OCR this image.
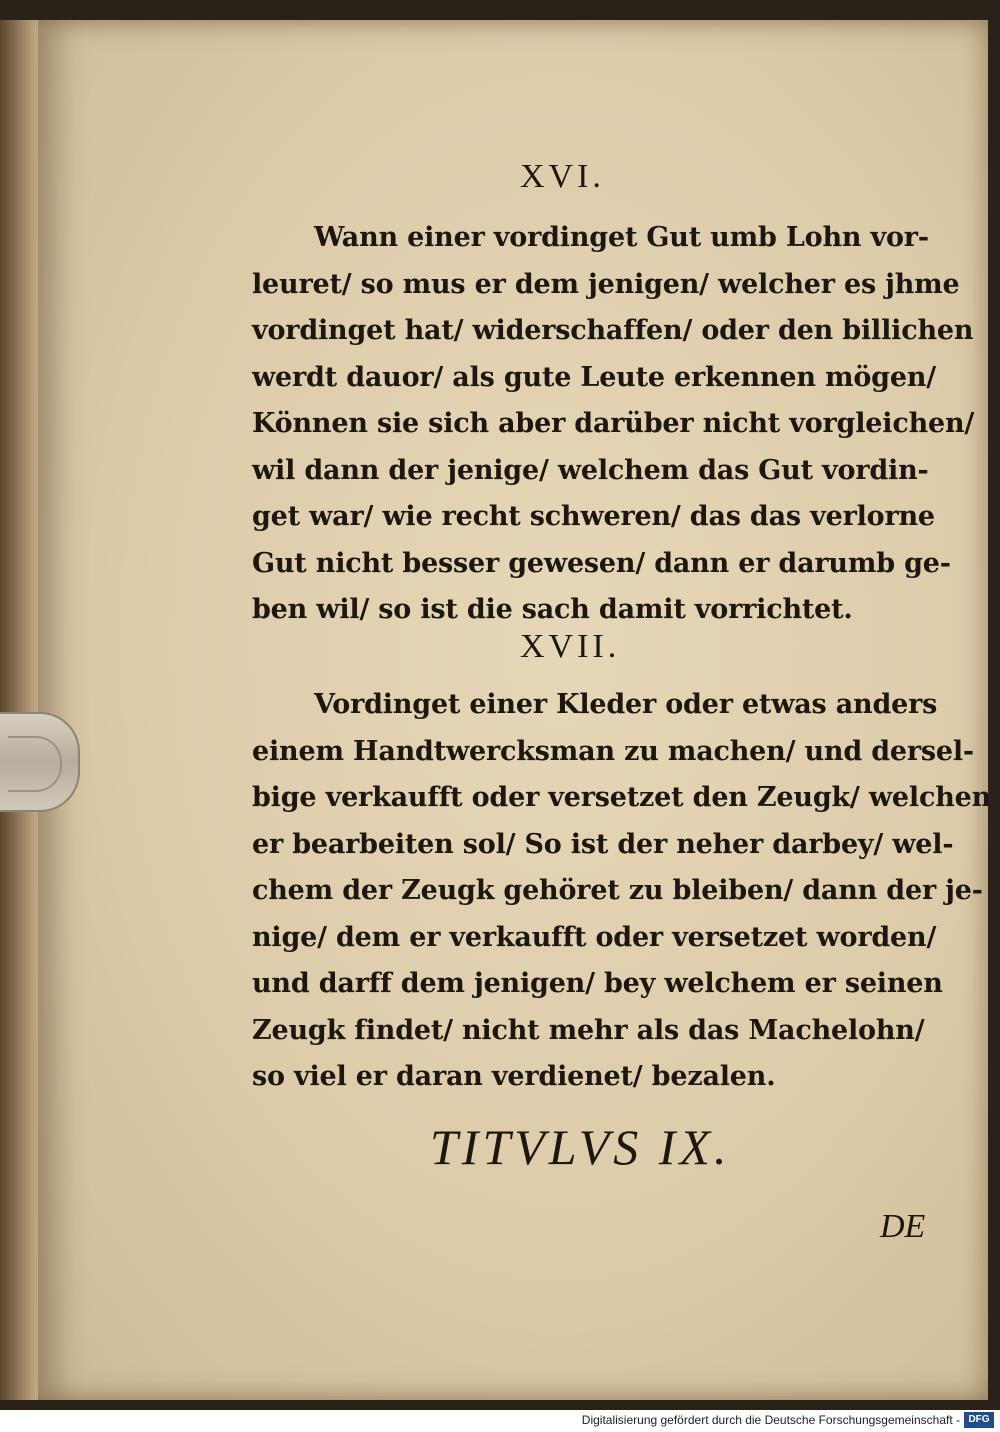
XVI.

Wann einer vordinget Gut umb Lohn vor-

leuret/ so mus er dem jenigen/ welcher es jhme

vordinget hat/ widerschaffen/ oder den billichen

werdt dauor/ als gute Leute erkennen mögen/

Können sie sich aber darüber nicht vorgleichen/

wil dann der jenige/ welchem das Gut vordin-

get war/ wie recht schweren/ das das verlorne

Gut nicht besser gewesen/ dann er darumb ge-

ben wil/ so ist die sach damit vorrichtet.

XVII.

Vordinget einer Kleder oder etwas anders

einem Handtwercksman zu machen/ und dersel-

bige verkaufft oder versetzet den Zeugk/ welchen

er bearbeiten sol/ So ist der neher darbey/ wel-

chem der Zeugk gehöret zu bleiben/ dann der je-

nige/ dem er verkaufft oder versetzet worden/

und darff dem jenigen/ bey welchem er seinen

Zeugk findet/ nicht mehr als das Machelohn/

so viel er daran verdienet/ bezalen.

TITVLVS IX.
DE
Digitalisierung gefördert durch die Deutsche Forschungsgemeinschaft - DFG
